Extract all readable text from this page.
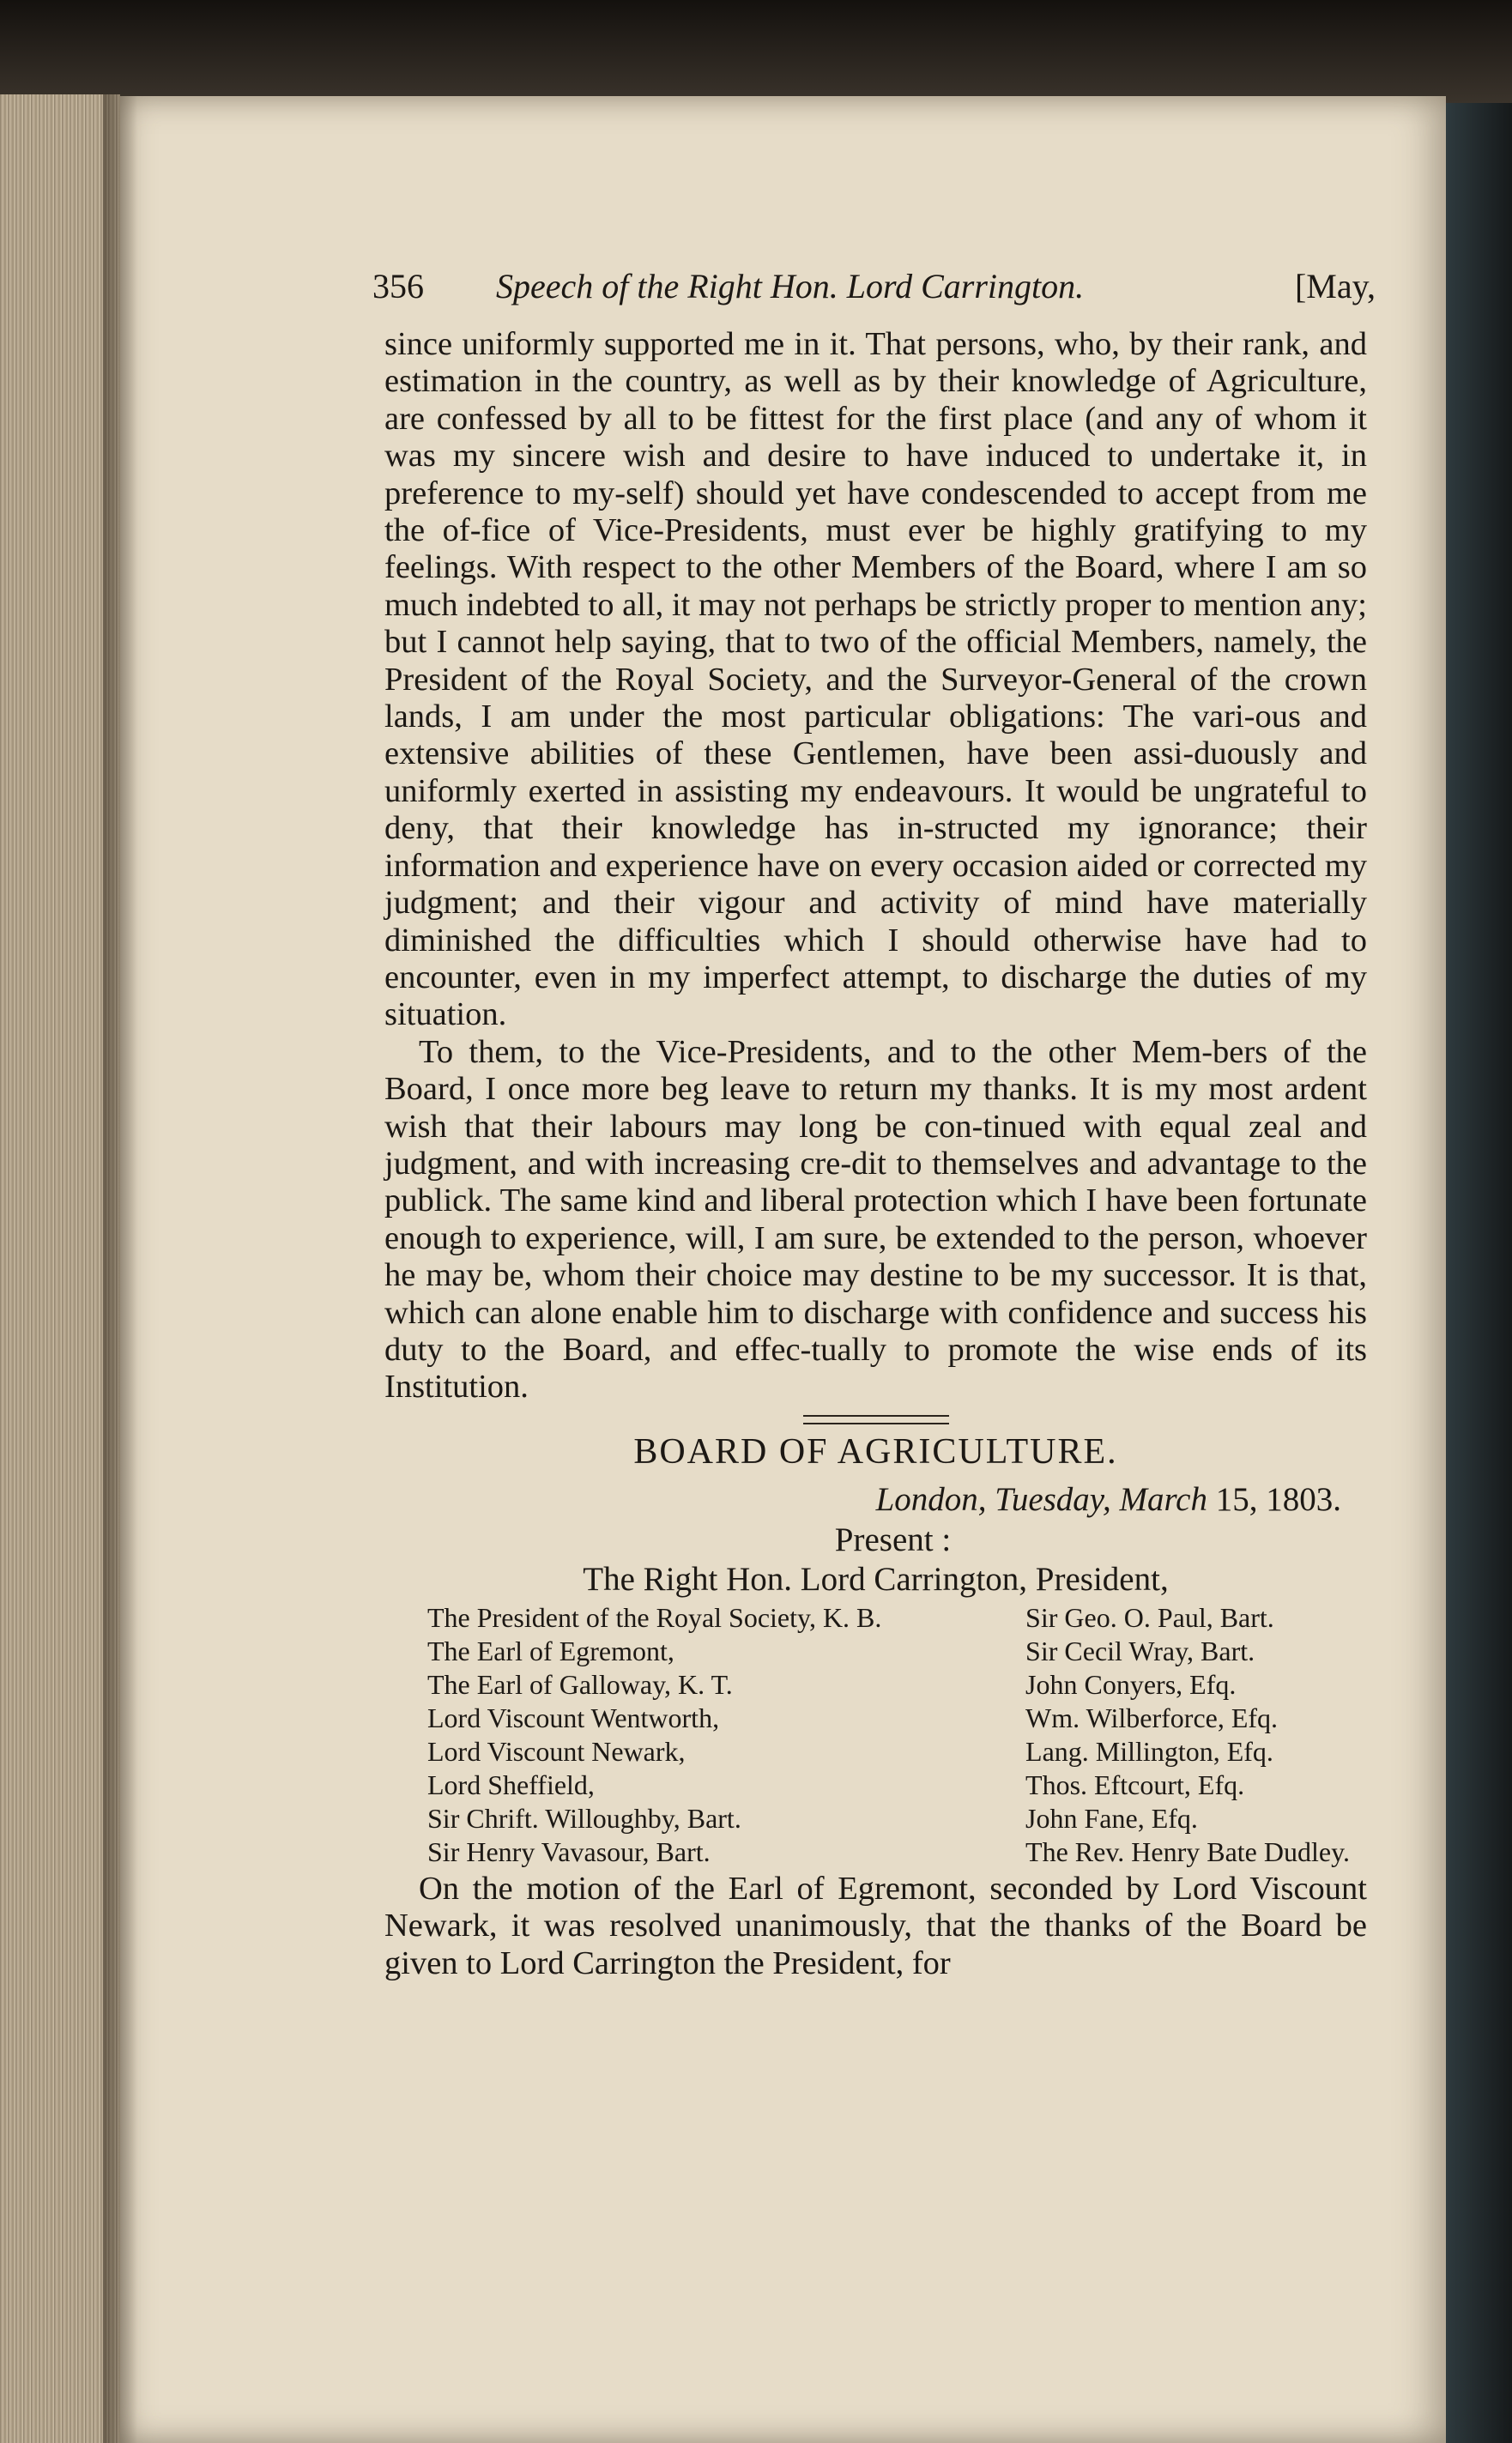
356 Speech of the Right Hon. Lord Carrington.	[May,

since uniformly supported me in it. That persons, who, by their rank, and estimation in the country, as well as by their knowledge of Agriculture, are confessed by all to be fittest for the first place (and any of whom it was my sincere wish and desire to have induced to undertake it, in preference to my-self) should yet have condescended to accept from me the of-fice of Vice-Presidents, must ever be highly gratifying to my feelings. With respect to the other Members of the Board, where I am so much indebted to all, it may not perhaps be strictly proper to mention any; but I cannot help saying, that to two of the official Members, namely, the President of the Royal Society, and the Surveyor-General of the crown lands, I am under the most particular obligations: The vari-ous and extensive abilities of these Gentlemen, have been assi-duously and uniformly exerted in assisting my endeavours. It would be ungrateful to deny, that their knowledge has in-structed my ignorance; their information and experience have on every occasion aided or corrected my judgment; and their vigour and activity of mind have materially diminished the difficulties which I should otherwise have had to encounter, even in my imperfect attempt, to discharge the duties of my situation.

To them, to the Vice-Presidents, and to the other Mem-bers of the Board, I once more beg leave to return my thanks. It is my most ardent wish that their labours may long be con-tinued with equal zeal and judgment, and with increasing cre-dit to themselves and advantage to the publick. The same kind and liberal protection which I have been fortunate enough to experience, will, I am sure, be extended to the person, whoever he may be, whom their choice may destine to be my successor. It is that, which can alone enable him to discharge with confidence and success his duty to the Board, and effec-tually to promote the wise ends of its Institution.

BOARD OF AGRICULTURE.

London, Tuesday, March 15, 1803.

Present :

The Right Hon. Lord Carrington, President,

The President of the Royal Society, K. B.
The Earl of Egremont,
The Earl of Galloway, K. T.
Lord Viscount Wentworth,
Lord Viscount Newark,
Lord Sheffield,
Sir Chrift. Willoughby, Bart.
Sir Henry Vavasour, Bart.
Sir Geo. O. Paul, Bart.
Sir Cecil Wray, Bart.
John Conyers, Efq.
Wm. Wilberforce, Efq.
Lang. Millington, Efq.
Thos. Eftcourt, Efq.
John Fane, Efq.
The Rev. Henry Bate Dudley.

On the motion of the Earl of Egremont, seconded by Lord Viscount Newark, it was resolved unanimously, that the thanks of the Board be given to Lord Carrington the President, for
